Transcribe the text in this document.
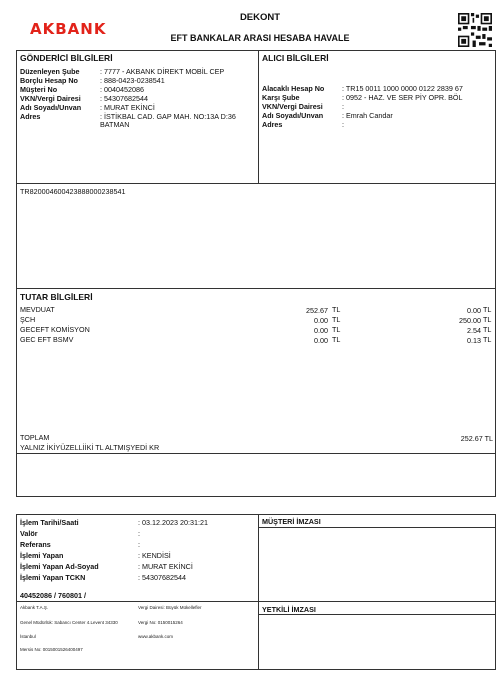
AKBANK
DEKONT
EFT BANKALAR ARASI HESABA HAVALE
GÖNDERİCİ BİLGİLERİ
Düzenleyen Şube	: 7777 - AKBANK DİREKT MOBİL CEP
Borçlu Hesap No	: 888-0423-0238541
Müşteri No	: 0040452086
VKN/Vergi Dairesi	: 54307682544
Adı Soyadı/Unvan	: MURAT EKİNCİ
Adres	: İSTİKBAL CAD. GAP MAH. NO:13A D:36 BATMAN
ALICI BİLGİLERİ
Alacaklı Hesap No : TR15 0011 1000 0000 0122 2839 67
Karşı Şube	: 0952 - HAZ. VE SER PİY OPR. BÖL
VKN/Vergi Dairesi	:
Adı Soyadı/Unvan	: Emrah Candar
Adres	:
TR820004600423888000238541
TUTAR BİLGİLERİ
MEVDUAT	252.67 TL	0.00 TL
ŞCH	0.00 TL	250.00 TL
GECEFT KOMİSYON	0.00 TL	2.54 TL
GEC EFT BSMV	0.00 TL	0.13 TL
TOPLAM	252.67 TL
YALNIZ İKİYÜZELLİİKİ TL ALTMIŞYEDİ KR
İşlem Tarihi/Saati	: 03.12.2023 20:31:21
Valör	:
Referans	:
İşlemi Yapan	: KENDİSİ
İşlemi Yapan Ad-Soyad	: MURAT EKİNCİ
İşlemi Yapan TCKN	: 54307682544
40452086 / 760801 /
MÜŞTERİ İMZASI
YETKİLİ İMZASI
Akbank T.A.Ş.
Genel Müdürlük: Sabancı Center 4.Levent 34330
İstanbul
Mersis No: 0015001526400497
Vergi Dairesi: Büyük Mükellefler
Vergi No: 0150015264
www.akbank.com
